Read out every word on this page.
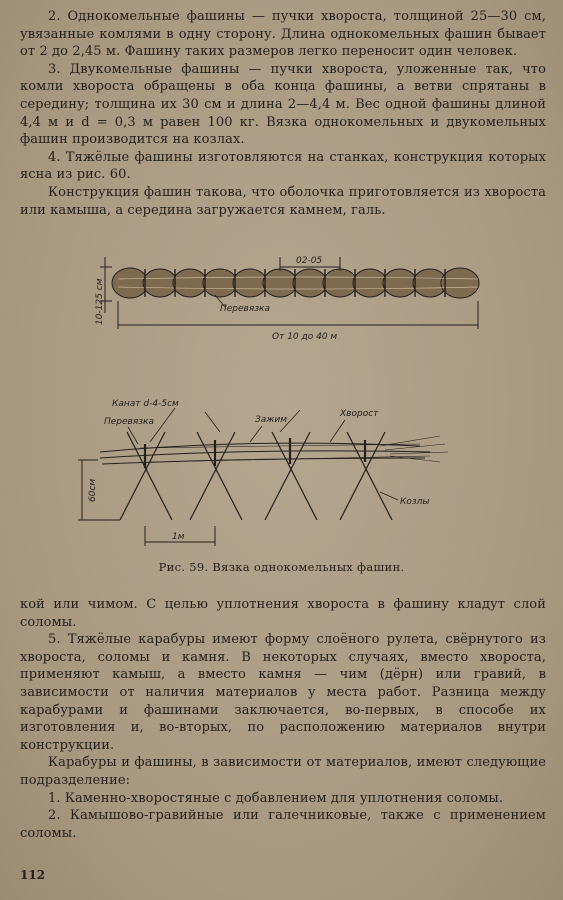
2. Однокомельные фашины — пучки хвороста, толщиной 25—30 см, увязанные комлями в одну сторону. Длина однокомельных фашин бывает от 2 до 2,45 м. Фашину таких размеров легко переносит один человек.

3. Двукомельные фашины — пучки хвороста, уложенные так, что комли хвороста обращены в оба конца фашины, а ветви спрятаны в середину; толщина их 30 см и длина 2—4,4 м. Вес одной фашины длиной 4,4 м и d = 0,3 м равен 100 кг. Вязка однокомельных и двукомельных фашин производится на козлах.

4. Тяжёлые фашины изготовляются на станках, конструкция которых ясна из рис. 60.

Конструкция фашин такова, что оболочка приготовляется из хвороста или камыша, а середина загружается камнем, галь.

10-125 см
02-05
Перевязка
От 10 до 40 м
Канат d-4-5см
Перевязка	Зажим
Хворост
60см	Козлы
1м
Рис. 59. Вязка однокомельных фашин.

кой или чимом. С целью уплотнения хвороста в фашину кладут слой соломы.

5. Тяжёлые карабуры имеют форму слоёного рулета, свёрнутого из хвороста, соломы и камня. В некоторых случаях, вместо хвороста, применяют камыш, а вместо камня — чим (дёрн) или гравий, в зависимости от наличия материалов у места работ. Разница между карабурами и фашинами заключается, во-первых, в способе их изготовления и, во-вторых, по расположению материалов внутри конструкции.

Карабуры и фашины, в зависимости от материалов, имеют следующие подразделение:

1. Каменно-хворостяные с добавлением для уплотнения соломы.

2. Камышово-гравийные или галечниковые, также с применением соломы.

112
